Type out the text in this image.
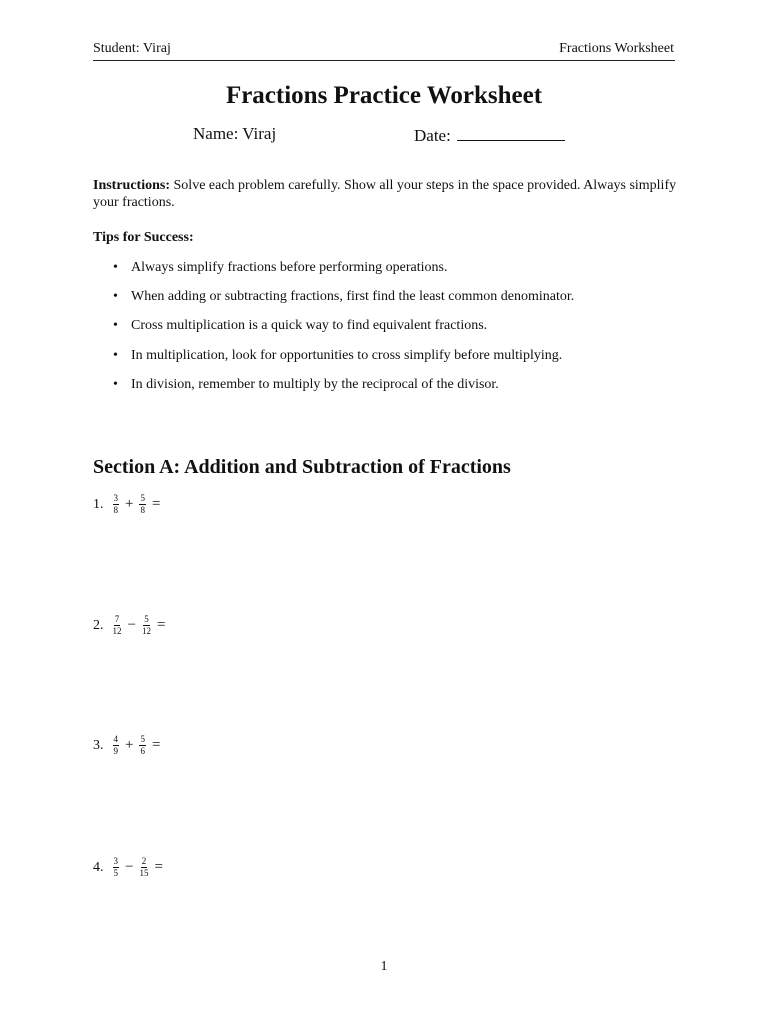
Student: Viraj	Fractions Worksheet
Fractions Practice Worksheet
Name: Viraj	Date:
Instructions: Solve each problem carefully. Show all your steps in the space provided. Always simplify your fractions.
Tips for Success:
• Always simplify fractions before performing operations.
• When adding or subtracting fractions, first find the least common denominator.
• Cross multiplication is a quick way to find equivalent fractions.
• In multiplication, look for opportunities to cross simplify before multiplying.
• In division, remember to multiply by the reciprocal of the divisor.
Section A: Addition and Subtraction of Fractions
1. $\frac{3}{8} + \frac{5}{8}$ =
2. $\frac{7}{12} - \frac{5}{12}$ =
3. $\frac{4}{9} + \frac{5}{6}$ =
4. $\frac{3}{5} - \frac{2}{15}$ =
1
